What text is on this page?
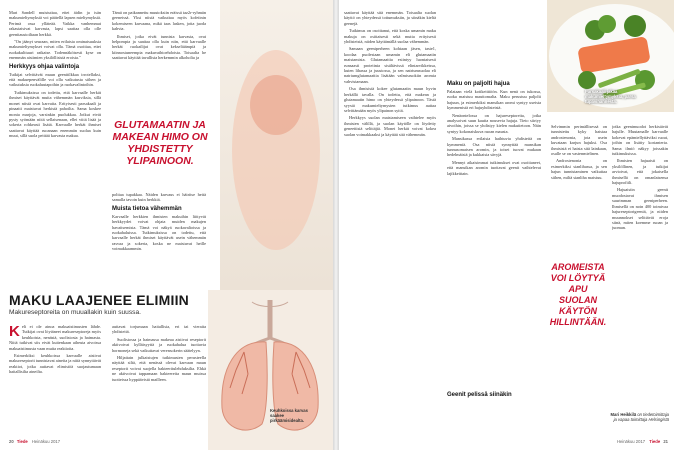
Mari Sandell muistuttaa, ettei äidin ja isän makumieltymyksiä voi päätellä lapsen mieltymyksiä. Perimä ossa ylläteää. Vaikka vanhemmat rakastaisivat karvasta, lapsi saattaa olla olle geenitaustoiltaan herkkä.

"On jäänyt seuraan, miten erilaisia ominaisuuksia makumieltymykset voivat olla. Tämä osoittaa, ettei ruokakulttuuri ratkaise. Todennäköisesti kyse on enemmän aistimien yksilöllisistä eroista."

Herkkyys ohjaa valintoja

Tutkijat selvittävät muun geenitilkkaa irrotellaksi, että makuepenvälille voi olla vaikutusta siihen ja vaikutuksia ruokaluutapoihin ja ruokavalintoihin.

Tutkimuksissa on todettu, että karvaalle herkät ihmiset käyttävät muita vähemmän kasviksia, sillä monet niistä ovat karvaita. Erityisesti parsakaali ja pinaatti maistuvat herkistä pahoilta. Sama koskee monia marjoja, varsinkin puolukkaa. Jotkut eivät pysty syömään niitä sellaisenaan, ellei viitä lisää ja sokeria rohkeasti lisätä. Karvaalle herkät ihmiset saattavat käyttää ruoanaan enemmän suolaa kuin muut, sillä suola peittää karvasta makua.

Tämä on paikannettu muutoksiin eräissä taz2r-ryhmän geeneissä. Yksi niistä vaikuttaa myös kofeiinin kokemiseen karvaana, mikä taas lasken, jotta juoda kahvia.

Ihmiset, jotka eivät tunnista karvasta, ovat helpompia ja saattaa olla kuin niin, että karvaalle herkät ruokailijat ovat kekseliäämpiä ja kiinnostuneempia makuvaihtoehdoista. Toisaalta he saattavat käyttää tavallista herkemmin alkoholia ja

GLUTAMAATIN JA MAKEAN HIMO ON YHDISTETTY YLIPAINOON.

polttaa tupakkaa. Näiden karvaus ei häiritse heitä samalla tavoin kuin herkkiä.

Muista tietoa vähemmän

Karvaalle herkkien ihmisten makuihin liittyvät herkkyydet voivat ohjata muiden makujen havaitsemista. Tämä voi näkyä ruokavalioissa ja ruokahaluissa. Tutkimuksissa on todettu, että karvaalle herkät ihmiset käyttävät usein vähemmän rasvaa ja sokeria, koska ne maistuvat heille voimakkaammin.

MAKU LAAJENEE ELIMIIN
Makureseptoreita on muuallakin kuin suussa.

Keli ei ole ainoa makuaistimusten lähde. Tutkijat ovat löytäneet makureseptoreja myös keuhkoista, nenästä, suolistosta ja haimasta. Niitä tutkivat siis eivät kuitenkaan aiheuta aivoissa makuaistimusta vaan muita reaktioita.

Esimerkiksi keuhkoissa karvaalle aistivat makureseptorit tunnistavat aineita ja niitä synnyttävät reaktiot, jotka auttavat elimistöä suojautumaan haitallisilta aineilta.

auttavat torjumaan haitallisia, eri tai vieraita yhdisteitä.

Suolistossa ja haimassa makeaa aistivat reseptorit aktivoivat kylläisyyttä ja ruokahalua tuottavia hormoneja sekä vaikuttavat verensokerin säätelyyn.

Hiljattain julkaistujen tutkimusten perusteella näyttää siltä, että nenässä olevat karvaan maun reseptorit voivat suojella bakteeritulehduksilta. Ehkä ne aktivoivat tappamaan bakteereita maun muissa tuotteissa hyppäävistä mailleen.

Keuhkoissa karvas saakee pirkäämisidealta.
20 Tiede Heinäkuu 2017

saattavat käyttää sitä enemmän. Toisaalta suolan käyttö on yhteydessä tottumuksiin, ja siinäkin kieltä geenejä.

Tutkimus on osoittanut, että koska umamin maku makuja on osittaisesti sekä mutta erityisesti yhdisteistä, niiden käyttämällä suolaa vähemmän.

Samaan geeniperheen kohtaan jäsen, taste1, koodaa puolestaan umamin eli glutamaatin maistamista. Glutamaattia esiintyy luontaisesti runsaasti proteiinia sisältävissä elintarvikkeissa, kuten lihassa ja juustossa, ja sen natriumsuolaa eli natriumglutamaattia lisätään valmisruokiin aromia vahvistamaan.

Osa ihmisistä kokee glutamaatin maun hyvin herkällä tavalla. On todettu, että makean ja glutamaatin himo on yhteydessä ylipainoon. Tästä syystä makumieltymysten tutkimus auttaa selvittämään myös ylipainon syitä.

Herkkyys suolan maistamiseen vaihtelee myös ihmisten välillä, ja suolan käytölle on löydetty geneettisiä selittäjiä. Monet herkät voivat kokea suolan voimakkaaksi ja käyttää sitä vähemmän.

Maku on paljolti hajua

Palataan vielä kotikeittiöön. Kun nenä on tukossa, ruoka maistuu mauttomalta. Maku perustuu paljolti hajuun, ja esimerkiksi mansikan aromi syntyy useista kymmenistä eri hajuyhdisteistä.

Nenäontelossa on hajureseptoreita, jotka analysoivat suun kautta nousevia hajuja. Tieto siirtyy aivoihin, joissa se yhdistyy kielen makutietoon. Näin syntyy kokonaiskuva ruoan mausta.

Mansikassa erilaisia haihtuvia yhdisteitä on kymmeniä. Osa niistä synnyttää mansikan tunnusomaisen aromin, ja toiset tuovat mukaan hedelmäisiä ja kukkaisia sävyjä.

Mennyt aikaisimmat tutkimukset ovat osoittaneet, että mansikan aromin tuottavat geenit vaihtelevat lajikkeittain.

Geenit pelissä siinäkin
Parsakaali jakaa makumieltymyksiä, parsa tupavihannesta.

Selvimmin perimällisessä on tunnistettu kyky haistaa androstenonia, jota usein kuvataan karjun hajuksi. Osa ihmisistä ei haista sitä lainkaan, osalle se on vastenmielinen.

Androstenonia on esimerkiksi sianlihassa, ja sen hajun tunnistaminen vaikuttaa siihen, miltä sianliha maistuu.

AROMEISTA VOI LÖYTYÄ APU SUOLAN KÄYTÖN HILLINTÄÄN.

jotka geenimuodot herkistävät hajulle. Muutamalle karvaalle kokevat epämiellyttäviksi ruoat, joihin on lisätty korianteria. Sama ilmiö näkyy joissakin tutkimuksissa.

Ihmisten hajuaisti on yksilöllinen, ja tutkijat arvioivat, että jokaisella ihmisellä on omanlaisensa hajuprofiili.

Hajuaistin geenit muodostavat ihmisen suurimman geeniperheen. Ihmisellä on noin 400 toimivaa hajureseptorigeeniä, ja niiden muunnokset selittävät eroja siinä, miten koemme ruoan ja juoman.

Mari Heikkilä on tiedetoimittaja ja vapaa toimittaja Helsingistä
Heinäkuu 2017 Tiede 21
